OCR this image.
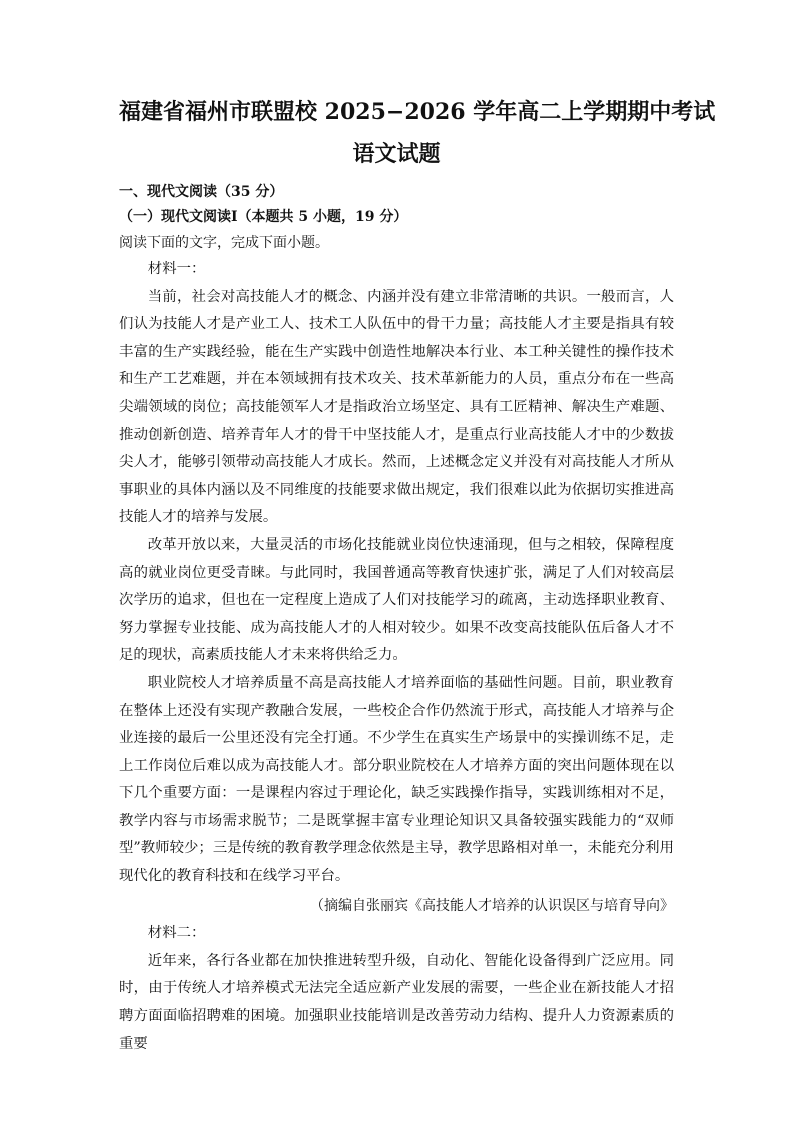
福建省福州市联盟校 2025−2026 学年高二上学期期中考试
语文试题

一、现代文阅读（35 分）

（一）现代文阅读Ⅰ（本题共 5 小题，19 分）

阅读下面的文字，完成下面小题。

材料一：

当前，社会对高技能人才的概念、内涵并没有建立非常清晰的共识。一般而言，人们认为技能人才是产业工人、技术工人队伍中的骨干力量；高技能人才主要是指具有较丰富的生产实践经验，能在生产实践中创造性地解决本行业、本工种关键性的操作技术和生产工艺难题，并在本领域拥有技术攻关、技术革新能力的人员，重点分布在一些高尖端领域的岗位；高技能领军人才是指政治立场坚定、具有工匠精神、解决生产难题、推动创新创造、培养青年人才的骨干中坚技能人才，是重点行业高技能人才中的少数拔尖人才，能够引领带动高技能人才成长。然而，上述概念定义并没有对高技能人才所从事职业的具体内涵以及不同维度的技能要求做出规定，我们很难以此为依据切实推进高技能人才的培养与发展。

改革开放以来，大量灵活的市场化技能就业岗位快速涌现，但与之相较，保障程度高的就业岗位更受青睐。与此同时，我国普通高等教育快速扩张，满足了人们对较高层次学历的追求，但也在一定程度上造成了人们对技能学习的疏离，主动选择职业教育、努力掌握专业技能、成为高技能人才的人相对较少。如果不改变高技能队伍后备人才不足的现状，高素质技能人才未来将供给乏力。

职业院校人才培养质量不高是高技能人才培养面临的基础性问题。目前，职业教育在整体上还没有实现产教融合发展，一些校企合作仍然流于形式，高技能人才培养与企业连接的最后一公里还没有完全打通。不少学生在真实生产场景中的实操训练不足，走上工作岗位后难以成为高技能人才。部分职业院校在人才培养方面的突出问题体现在以下几个重要方面：一是课程内容过于理论化，缺乏实践操作指导，实践训练相对不足，教学内容与市场需求脱节；二是既掌握丰富专业理论知识又具备较强实践能力的“双师型”教师较少；三是传统的教育教学理念依然是主导，教学思路相对单一，未能充分利用现代化的教育科技和在线学习平台。

（摘编自张丽宾《高技能人才培养的认识误区与培育导向》

材料二：

近年来，各行各业都在加快推进转型升级，自动化、智能化设备得到广泛应用。同时，由于传统人才培养模式无法完全适应新产业发展的需要，一些企业在新技能人才招聘方面面临招聘难的困境。加强职业技能培训是改善劳动力结构、提升人力资源素质的重要
